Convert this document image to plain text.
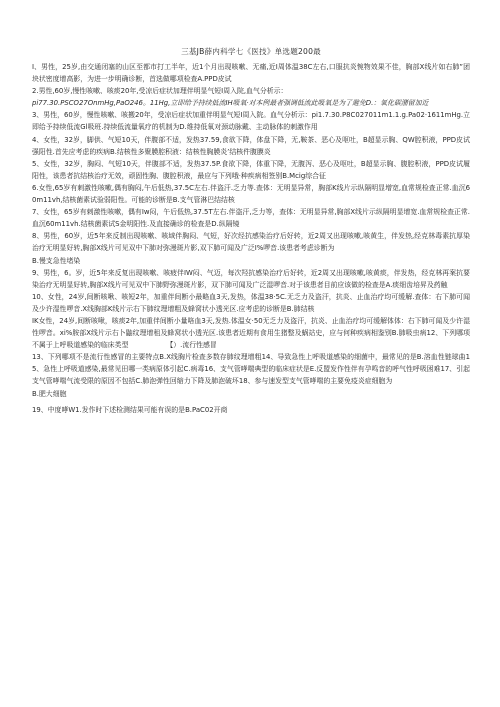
三基JB薛内科学七《医技》单选题200最

I、男性，25岁,由交通闭塞的山区至都市打工半年，近1个月出现咳嗽、无痛,近I周体温38C左右,口服抗炎惋物效果不佳，胸部X线片如右肺”团块状密度增高影，为进一步明确诊断，首选做哪项检查A.PPD皮试

2.男性,60岁,慢性咳嗽、咳痰20年,受凉后症状加理伴明显气短I周入院,血气分析示：

pi77.30.PSCO27OnmHg,PaO246。11Hg,立即给予持续低流IH吸氧·对本例最者强调低流此吸氧是为了避免D.：氧化碳潴留加近

3、男性，60岁，慢性咳嗽、咳搬20年，受凉后症状加重伴明显气短I周入院。血气分析示：pi1.7.30.P8C027011m1.1.g.Pa02·1611mHg.立即给予持续低流Gl吸班.持续低流量氧疗的机制为D.维持低氧对颈动脉戴、主动脉体的刺激作用

4、女性，32岁，脚供、气短10天，伴腹部不适，发热37.59,食欲下降，体盘下降，无,鞍茶、恶心及呕吐，B超显示胸、QW腔积液，PPD皮试强阳性.首先应考虑的疾病B.结核性多聚膜腔积液：结核性胸膜炎’结核件腹膜炎

5、女性，32岁，胸闷、气短10天，伴腹部不适，发热37.5P.食欲下降，体重下降，无腹泻、恶心及呕吐，B超显示胸、腹腔积液，PPD皮试履阳性，该患者抗结核治疗无效，顽固性胸、腹腔积液，最应与下列哦·种疾病相签别B.Mcig综合征

6.女性,65岁有刺激性咳嗽,偶有胸闷,午后低热,37.5C左右.伴盗汗.乏力等.查体：无明显异常，胸部K线片示纵隔明显增宽,血常规检查正常.血沉60m11vh,结核菌素试验弱阳性。可能的诊断是B.支气管淋巴结结核

7、女性，65岁有刺激性咳嗽，偶有Iw闷，午后低热,37.5T左右.伴盗汗,乏力等，查体：无明显异常,胸部X线片示纵隔明显增宽.血常规检查正常.血沉60m11vh.结核菌素试S金明阳性.及直接确诊的检查是D.纵隔镜

8、男性，60岁，近5年来反制出现咳嗽、咳域伴胸闷、气短，好次经抗感染治疗后好转，近2周又出现咳嗽,咳黄生，伴发热,经克林毒素抗厚染治疗无明显好转,胸部X线片可见双中下肺对弥漫斑片影,双下肺可闻及广泛I%啰音.该患者考虑诊断为

B.慢支急性堵染

9、男性，6。岁，近5年来反复出现咳嗽、咳疲伴IW闷、气迈，每次羟抗感染治疗后好转，近2周又出现咳嗽,咳黄痰，伴发热，经克林再案抗要染治疗无明显好转,胸部X线片可见双中下肺野弥漫斑片影，双下肺可闻及广泛湿啰音.对于该患者目前应该做的检查是A.痰细齿培昇及药触

10、女性，24岁,间断咳啾、咳短2年，加重伴间断小最略血3天,发热，体温38·5C.无乏力及盗汗，抗炎、止血治疗均可缓解.查体：右下肺可闻及少许湿性啰音.X线胸部K线片示右下肺纹理增粗及蜂窝状小透光区.应考虑的诊断是B.肺结核

IK女性，24岁,间断咳啾，咳痰2年,加重伴间断小量咯血3天,发热.体温女·50无乏力及盗汗，抗炎、止血治疗均可缓解体体：右下肺可闻及少许湿性啰音。xi%胺部X线片示右卜鼬纹理增租及蜂窝状小透光区.该患者近期有食用生猪整及蜗站史，应与何种疾病相鉴别B.肺吸虫病12、下列哪项不属于上呼吸道感染的临床类型　　　　　　【）.流行性感冒

13、下列哪项不是流行性感冒的主要特点B.X线胸片检查多数存肺纹理增粗14、导致急性上呼吸道感染的细菌中，最常见的是B.溶血性链球曲15、急性上呼吸道感染,最常见田哪一类病原体引起C.病毒16、支气管哮喘典型的临床症状是E.反盟发作性伴有孕鸣音的呼气性呼吸困难17、引起支气管哮喘气流受限的原因不包括C.肺泡弹性回缩力下降及肺泡破坏18、参与速发型支气管哮喘的主要免疫炎症细胞为

B.肥大细胞

19、中度哮W1.发作时下述检测结果可能有误的是B.PaC02开商
